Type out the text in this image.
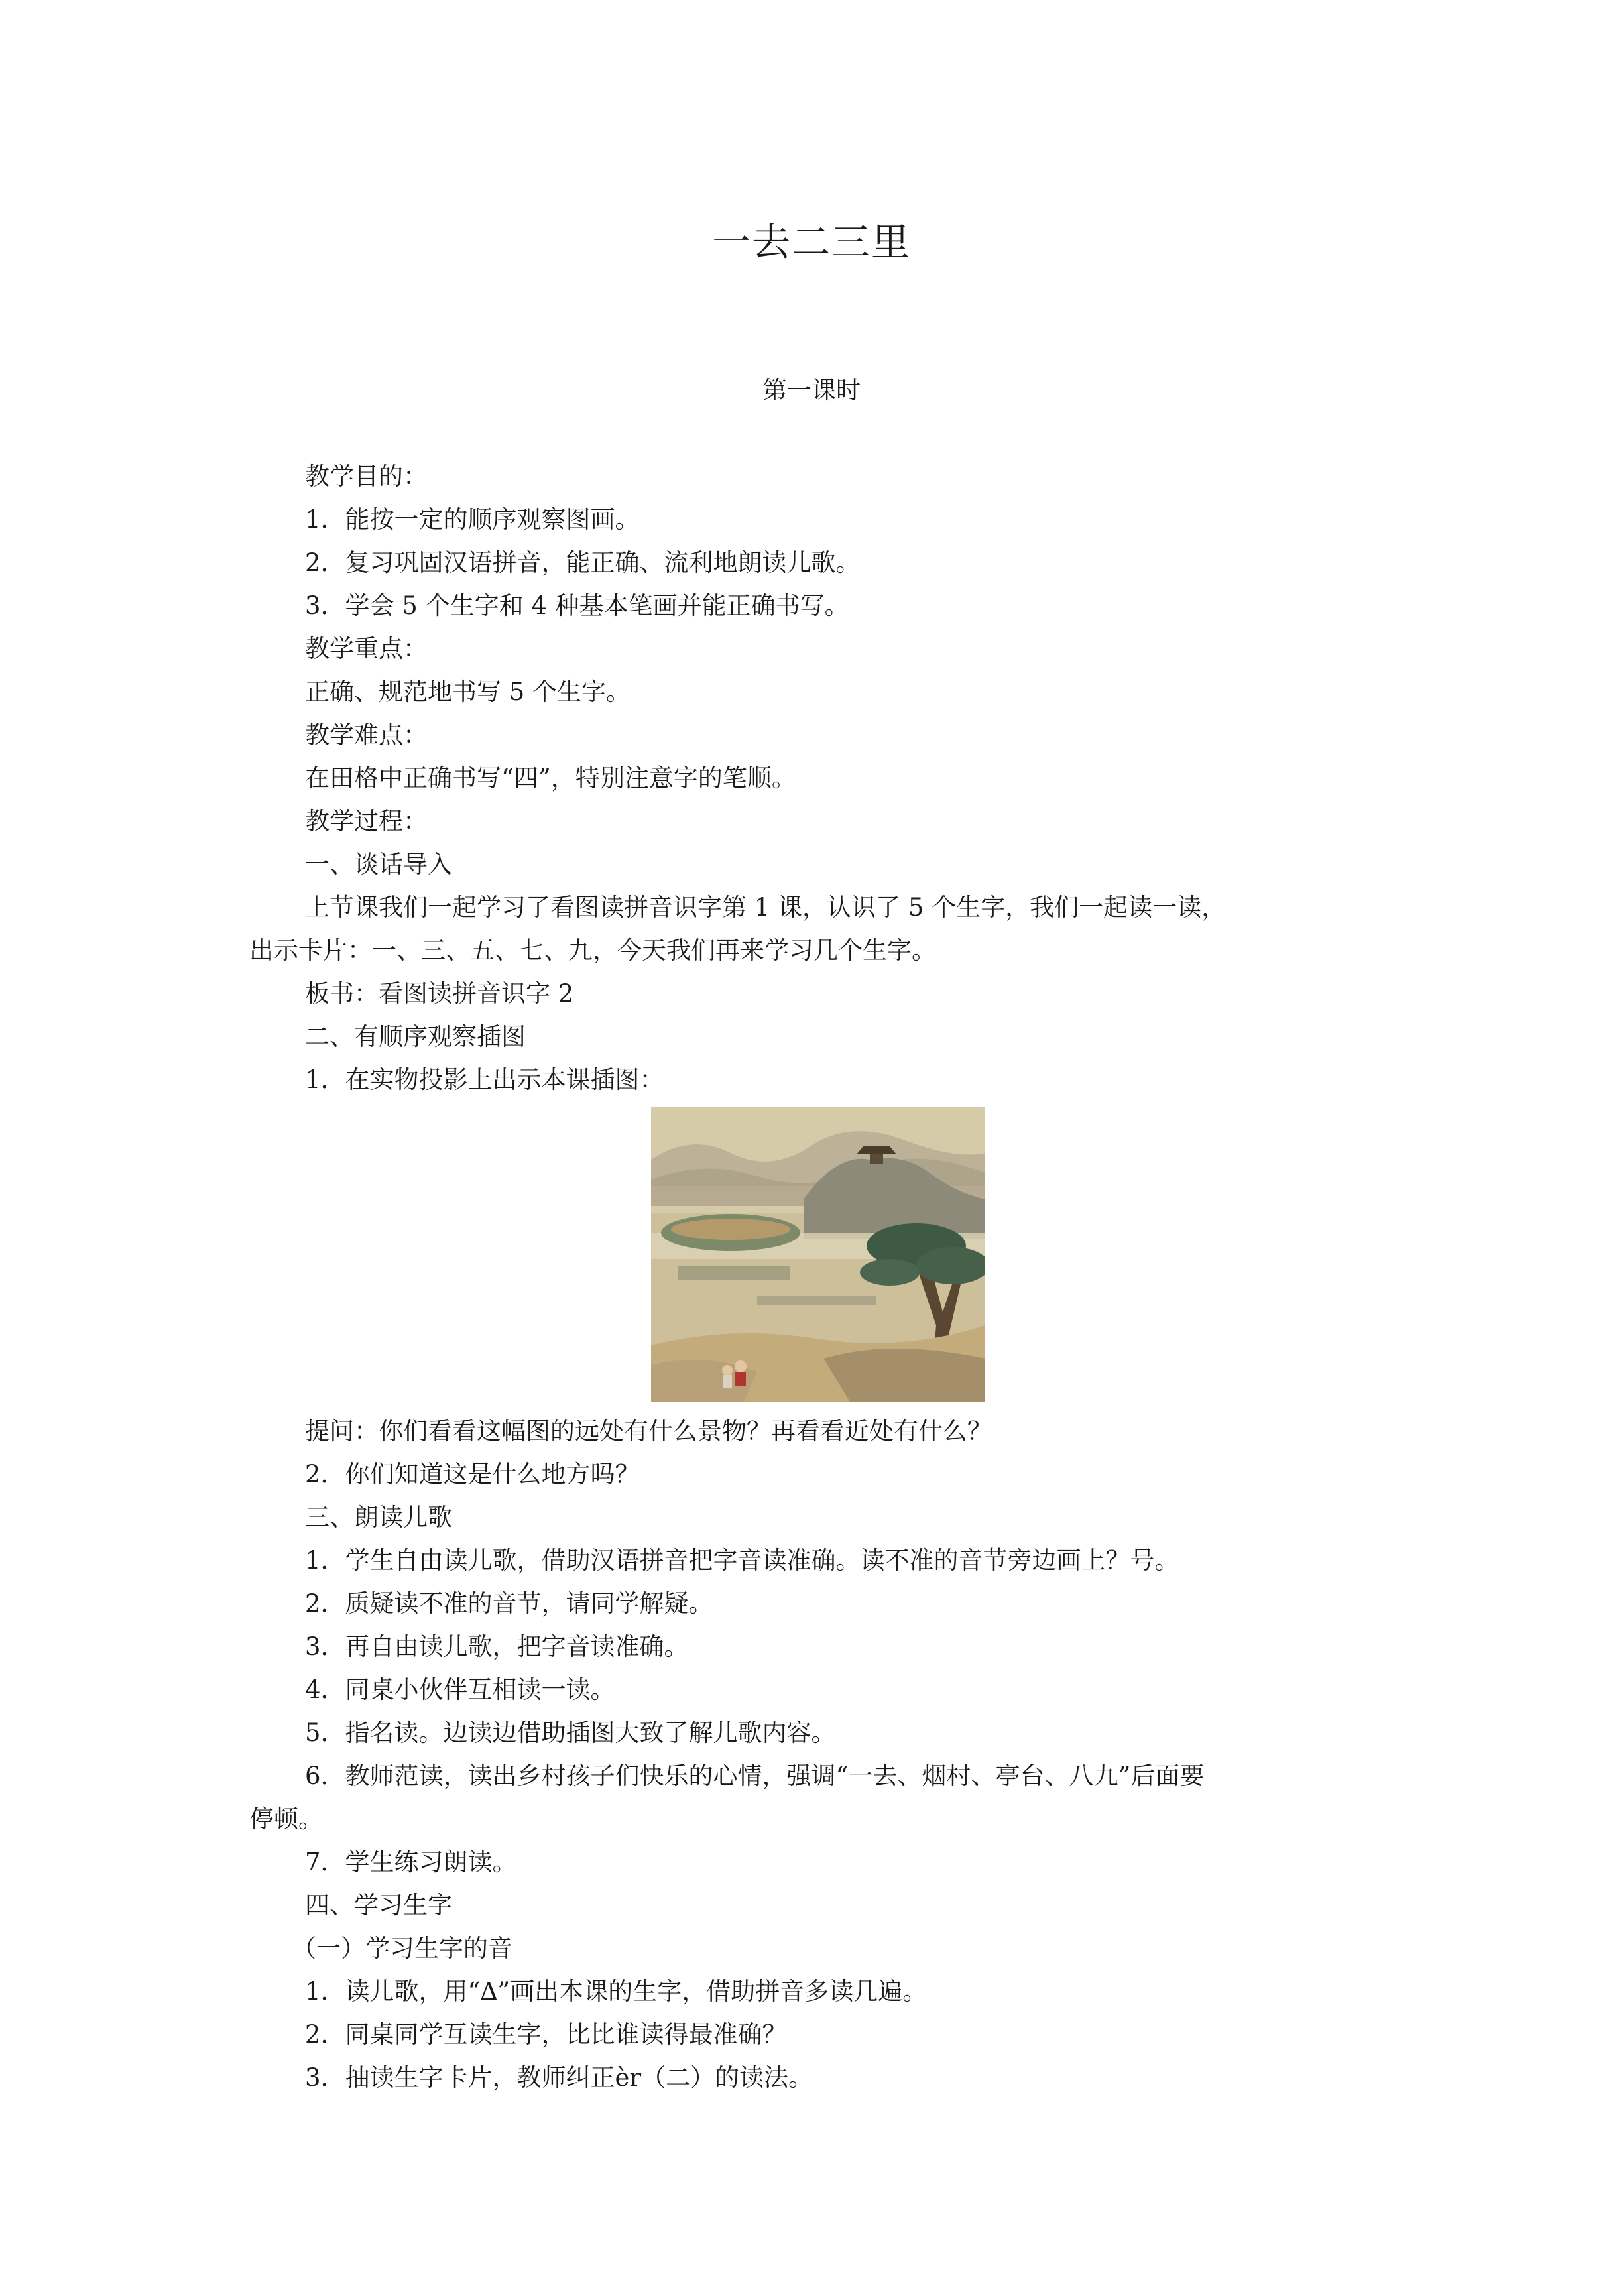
一去二三里
第一课时
教学目的：
1．能按一定的顺序观察图画。
2．复习巩固汉语拼音，能正确、流利地朗读儿歌。
3．学会 5 个生字和 4 种基本笔画并能正确书写。
教学重点：
正确、规范地书写 5 个生字。
教学难点：
在田格中正确书写“四”，特别注意字的笔顺。
教学过程：
一、谈话导入
上节课我们一起学习了看图读拼音识字第 1 课，认识了 5 个生字，我们一起读一读，
出示卡片：一、三、五、七、九，今天我们再来学习几个生字。
板书：看图读拼音识字 2
二、有顺序观察插图
1．在实物投影上出示本课插图：
提问：你们看看这幅图的远处有什么景物？再看看近处有什么？
2．你们知道这是什么地方吗？
三、朗读儿歌
1．学生自由读儿歌，借助汉语拼音把字音读准确。读不准的音节旁边画上？号。
2．质疑读不准的音节，请同学解疑。
3．再自由读儿歌，把字音读准确。
4．同桌小伙伴互相读一读。
5．指名读。边读边借助插图大致了解儿歌内容。
6．教师范读，读出乡村孩子们快乐的心情，强调“一去、烟村、亭台、八九”后面要
停顿。
7．学生练习朗读。
四、学习生字
（一）学习生字的音
1．读儿歌，用“∆”画出本课的生字，借助拼音多读几遍。
2．同桌同学互读生字，比比谁读得最准确？
3．抽读生字卡片，教师纠正èr（二）的读法。
